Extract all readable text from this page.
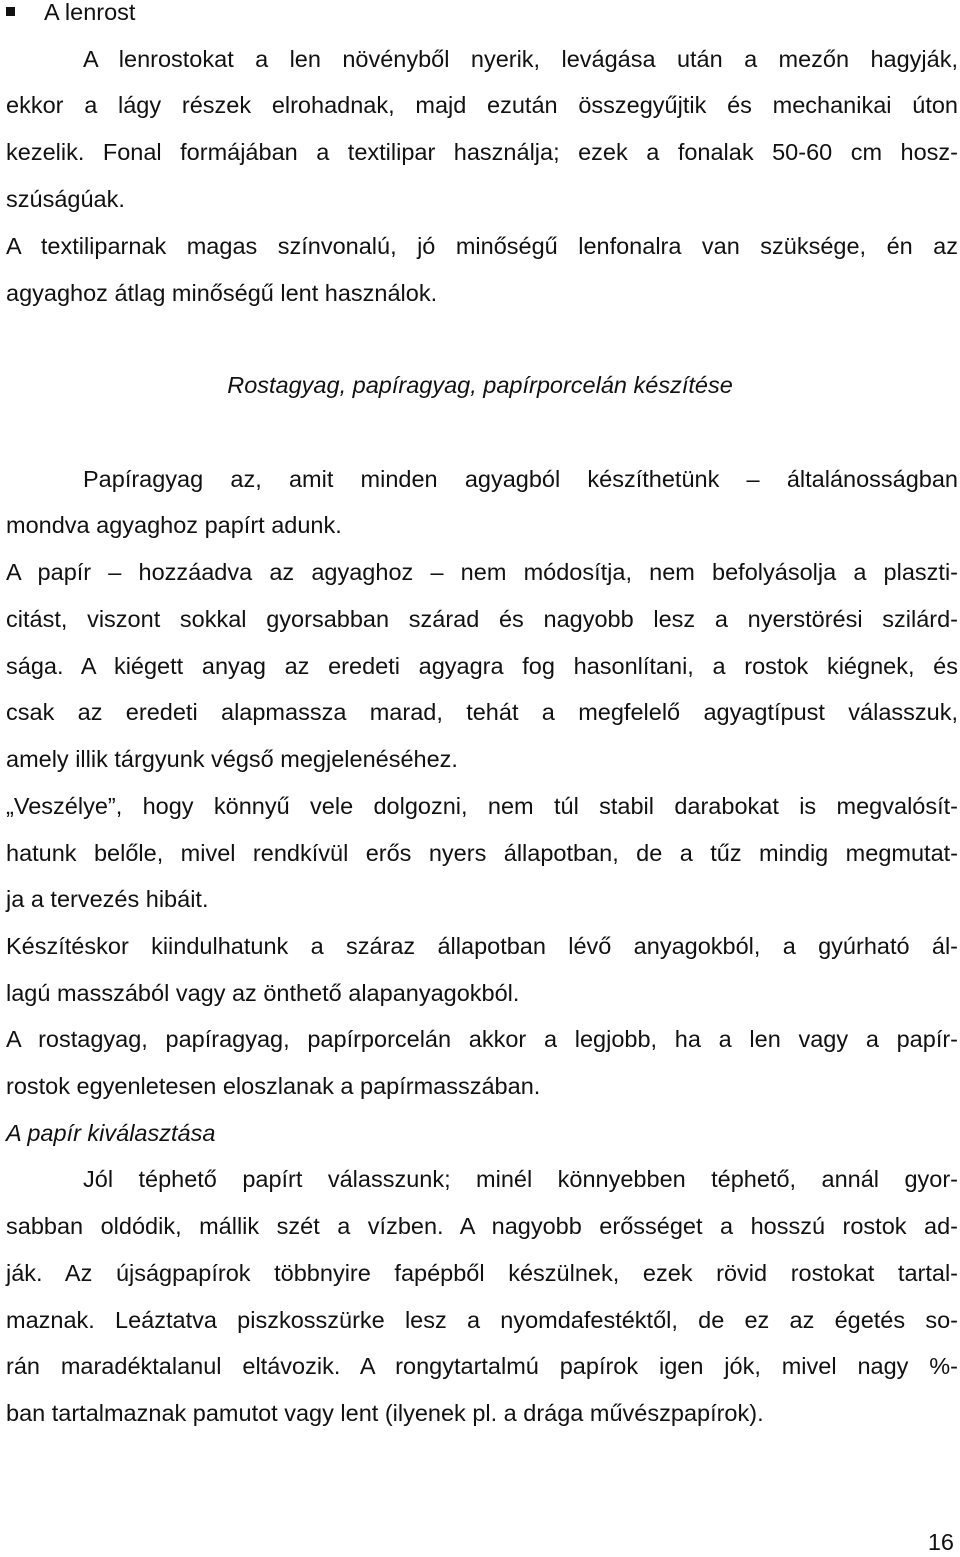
A lenrost
A lenrostokat a len növényből nyerik, levágása után a mezőn hagyják,
ekkor a lágy részek elrohadnak, majd ezután összegyűjtik és mechanikai úton
kezelik. Fonal formájában a textilipar használja; ezek a fonalak 50-60 cm hosz-
szúságúak.
A textiliparnak magas színvonalú, jó minőségű lenfonalra van szüksége, én az
agyaghoz átlag minőségű lent használok.
Rostagyag, papíragyag, papírporcelán készítése
Papíragyag az, amit minden agyagból készíthetünk – általánosságban
mondva agyaghoz papírt adunk.
A papír – hozzáadva az agyaghoz – nem módosítja, nem befolyásolja a plaszti-
citást, viszont sokkal gyorsabban szárad és nagyobb lesz a nyerstörési szilárd-
sága. A kiégett anyag az eredeti agyagra fog hasonlítani, a rostok kiégnek, és
csak az eredeti alapmassza marad, tehát a megfelelő agyagtípust válasszuk,
amely illik tárgyunk végső megjelenéséhez.
„Veszélye”, hogy könnyű vele dolgozni, nem túl stabil darabokat is megvalósít-
hatunk belőle, mivel rendkívül erős nyers állapotban, de a tűz mindig megmutat-
ja a tervezés hibáit.
Készítéskor kiindulhatunk a száraz állapotban lévő anyagokból, a gyúrható ál-
lagú masszából vagy az önthető alapanyagokból.
A rostagyag, papíragyag, papírporcelán akkor a legjobb, ha a len vagy a papír-
rostok egyenletesen eloszlanak a papírmasszában.
A papír kiválasztása
Jól téphető papírt válasszunk; minél könnyebben téphető, annál gyor-
sabban oldódik, mállik szét a vízben. A nagyobb erősséget a hosszú rostok ad-
ják. Az újságpapírok többnyire fapépből készülnek, ezek rövid rostokat tartal-
maznak. Leáztatva piszkosszürke lesz a nyomdafestéktől, de ez az égetés so-
rán maradéktalanul eltávozik. A rongytartalmú papírok igen jók, mivel nagy %-
ban tartalmaznak pamutot vagy lent (ilyenek pl. a drága művészpapírok).
16
